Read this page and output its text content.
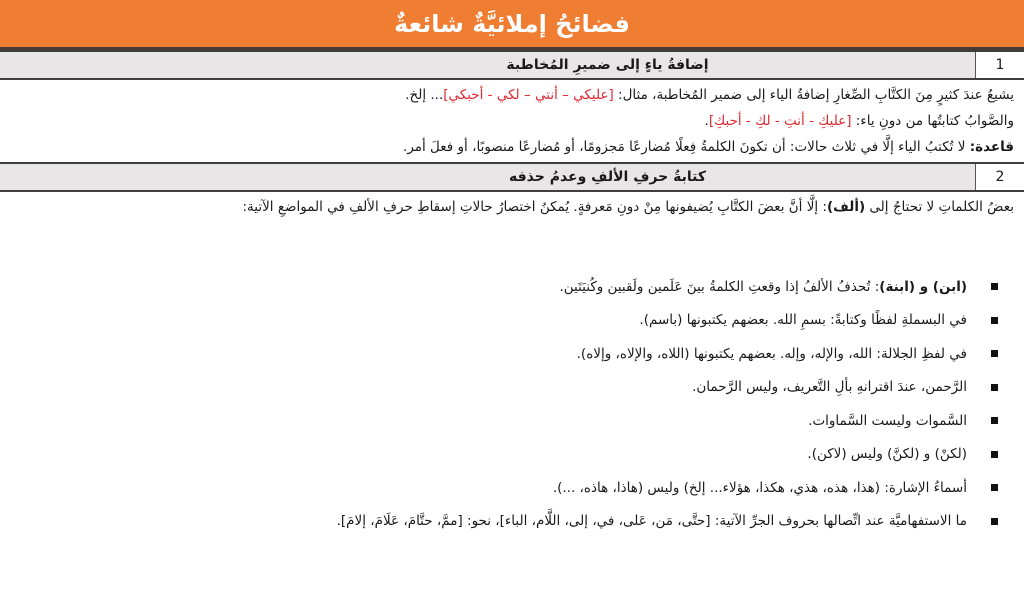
فضائحُ إملائيَّةٌ شائعةٌ
1
إضافةُ ياءٍ إلى ضميرِ المُخاطبة
يشيعُ عندَ كثيرٍ مِنَ الكتَّابِ الصِّغارِ إضافةُ الياء إلى ضمير المُخاطبة، مثال: [عليكي – أنتي – لكي - أحبكي]... إلخ.
والصَّوابُ كتابتُها من دونِ ياء: [عليكِ - أنتِ - لكِ - أحبكِ].
قاعدة: لا تُكتبُ الياء إلَّا في ثلاث حالات: أن تكونَ الكلمةُ فِعلًا مُضارعًا مَجزومًا، أو مُضارعًا منصوبًا، أو فعلَ أمر.
2
كتابةُ حرفِ الألفِ وعدمُ حذفه
بعضُ الكلماتِ لا تحتاجُ إلى (ألف): إلَّا أنَّ بعضَ الكتَّابِ يُضيفونها مِنْ دونِ مَعرفةٍ. يُمكنُ اختصارُ حالاتِ إسقاطِ حرفِ الألفِ في المواضعِ الآتية:
(ابن) و (ابنة)
: تُحذفُ الألفُ إذا وقعتِ الكلمةُ بينَ عَلَمين ولَقبين وكُنيَتَين.
في البسملةِ لفظًا وكتابةً: بسمِ الله. بعضهم يكتبونها (باسم).
في لفظِ الجلالة: الله، والإله، وإله. بعضهم يكتبونها (اللاه، والإلاه، وإلاه).
الرَّحمن، عندَ اقترانهِ بألِ التَّعريف، وليس الرَّحمان.
السَّموات وليست السَّماوات.
(لكنْ) و (لكنَّ) وليس (لاكن).
أسماءُ الإشارة: (هذا، هذه، هذي، هكذا، هؤلاء... إلخ) وليس (هاذا، هاذه، ...).
ما الاستفهاميَّة عند اتِّصالها بحروف الجرِّ الآتية: [حتَّى، مَن، عَلى، في، إلى، اللَّام، الباء]، نحو: [ممَّ، حتَّامَ، عَلَامَ، إلامَ].
